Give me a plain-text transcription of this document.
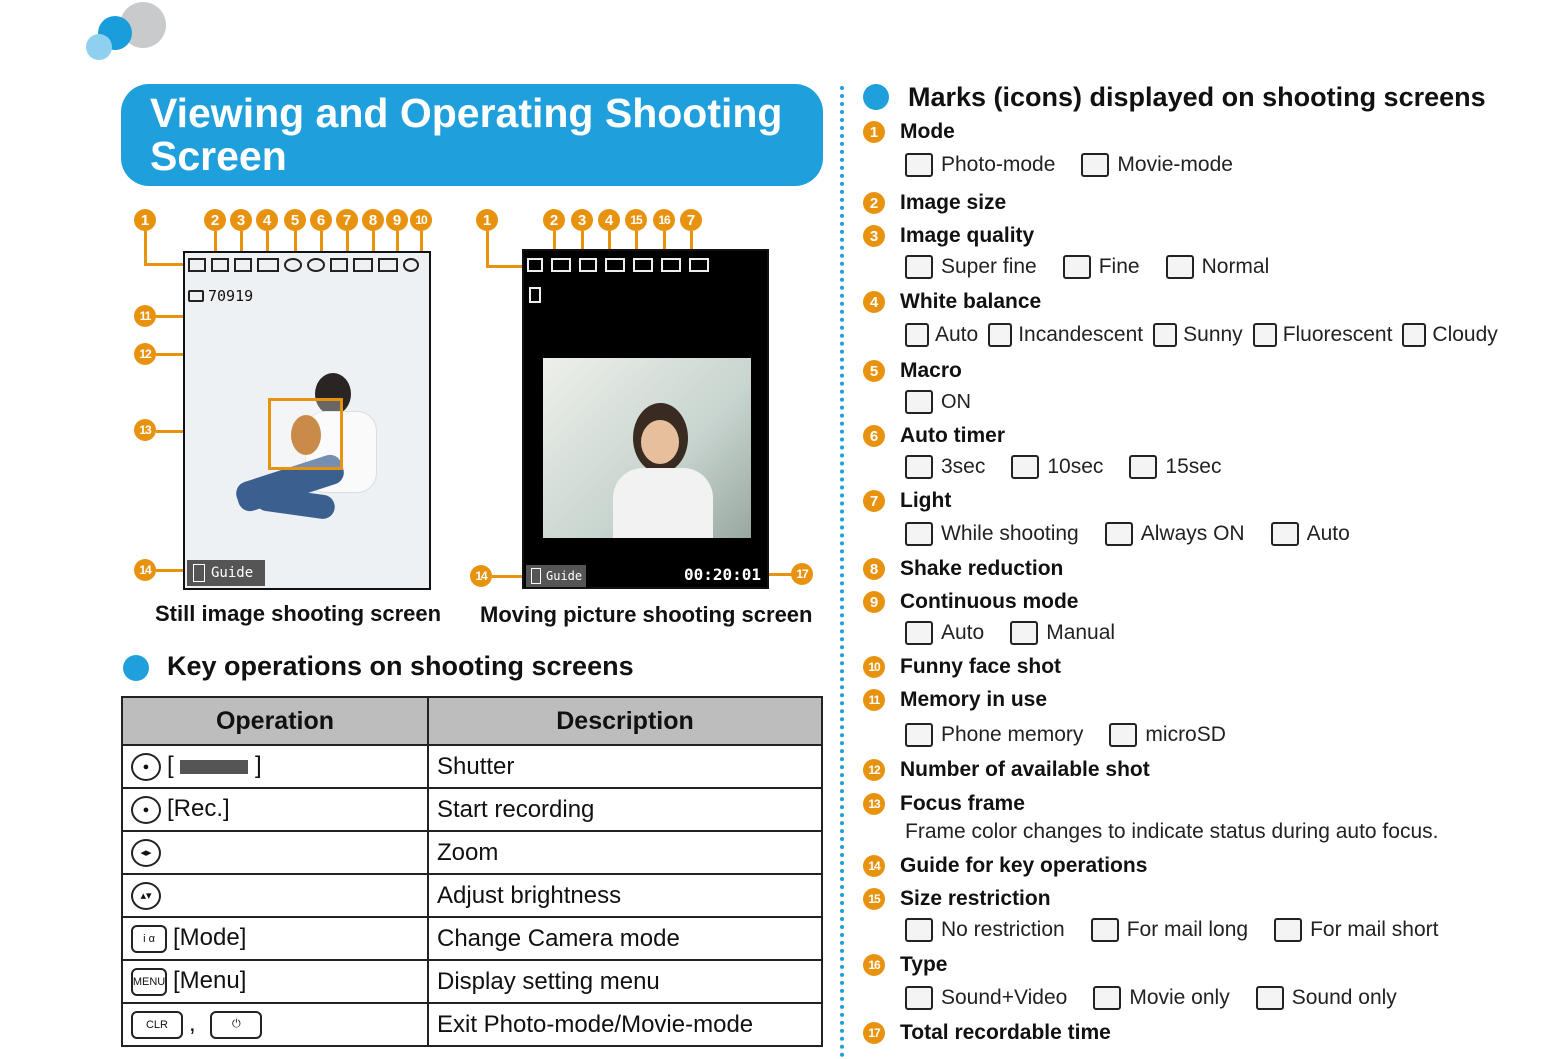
Viewing and Operating Shooting Screen
1	2	3	4	5	6	7	8	9	10
11
12
13
14
70919
Guide
Still image shooting screen
1	2	3	4	15	16	7
14	17
Guide	00:20:01
Moving picture shooting screen
Key operations on shooting screens
Operation	Description
● [ ]	Shutter
● [Rec.]	Start recording
◂▸	Zoom
▴▾	Adjust brightness
i α [Mode]	Change Camera mode
MENU [Menu]	Display setting menu
CLR , ⏻	Exit Photo-mode/Movie-mode
Marks (icons) displayed on shooting screens
1	Mode
Photo-mode	Movie-mode
2	Image size
3	Image quality
Super fine	Fine	Normal
4	White balance
Auto Incandescent Sunny Fluorescent Cloudy
5	Macro
ON
6	Auto timer
3sec	10sec	15sec
7	Light
While shooting	Always ON	Auto
8	Shake reduction
9	Continuous mode
Auto	Manual
10 Funny face shot
11 Memory in use
Phone memory	microSD
12 Number of available shot
13 Focus frame
Frame color changes to indicate status during auto focus.
14 Guide for key operations
15 Size restriction
No restriction	For mail long	For mail short
16 Type
Sound+Video	Movie only	Sound only
17 Total recordable time
